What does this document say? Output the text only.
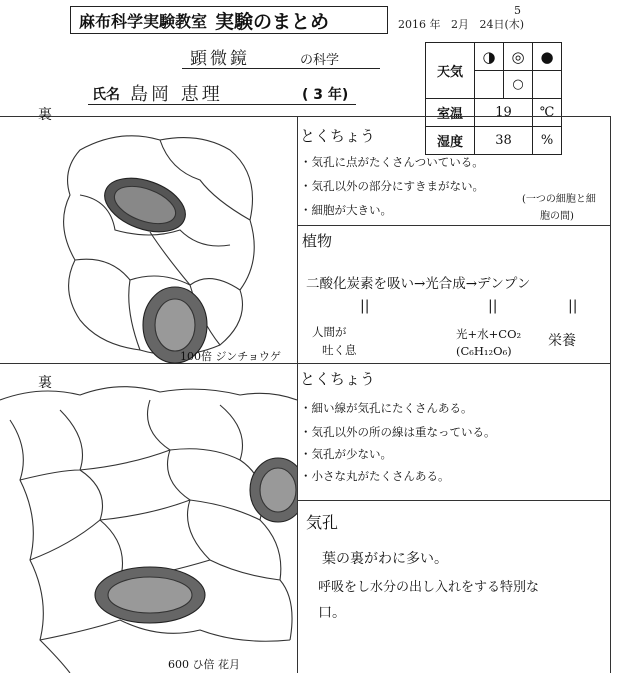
麻布科学実験教室 実験のまとめ	2016 年 2月 24日(木)
5
顕微鏡	の科学
氏名 島岡 恵理	( 3 年)
天気	◑	◎	●
		○	
室温	19		℃
湿度	38		%
裏
100倍 ジンチョウゲ
裏
600 ひ倍 花月
とくちょう
・気孔に点がたくさんついている。
・気孔以外の部分にすきまがない。
・細胞が大きい。
(一つの細胞と細
胞の間)
植物
二酸化炭素を吸い→光合成→デンプン
||	||	||
人間が
吐く息
光+水+CO₂
(C₆H₁₂O₆)
栄養
とくちょう
・細い線が気孔にたくさんある。
・気孔以外の所の線は重なっている。
・気孔が少ない。
・小さな丸がたくさんある。
気孔
葉の裏がわに多い。
呼吸をし水分の出し入れをする特別な
口。
